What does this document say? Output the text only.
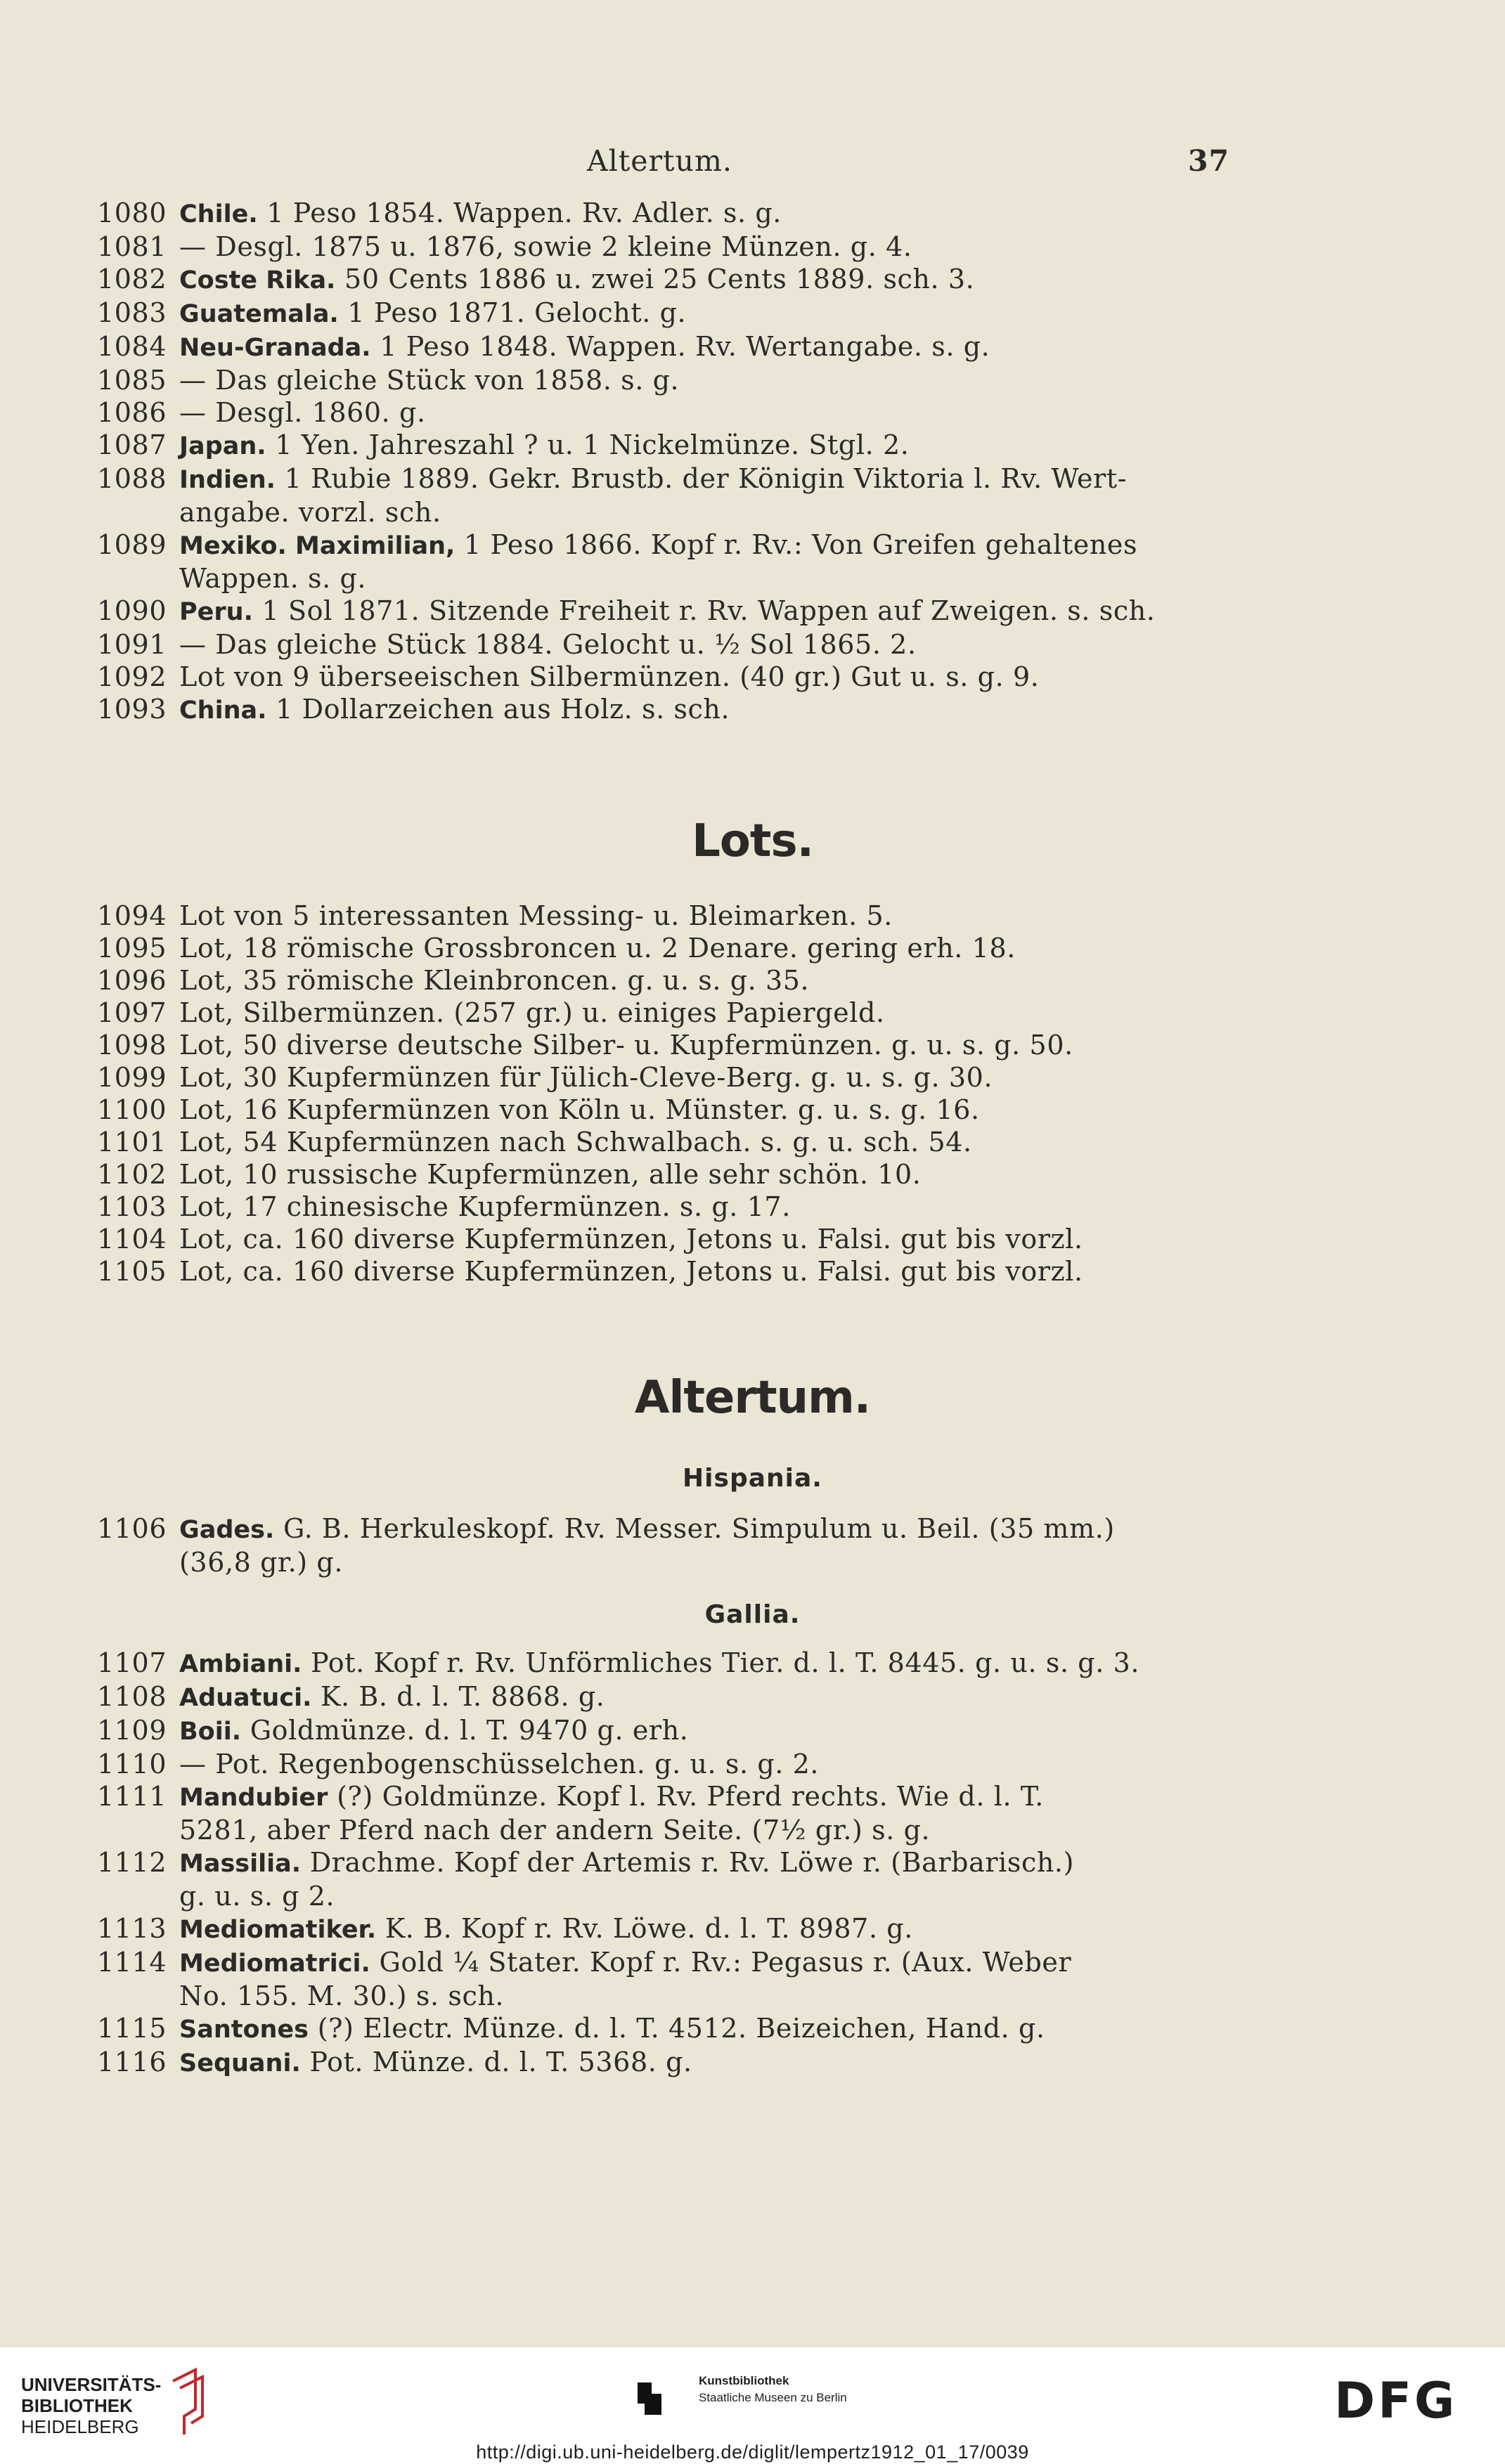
Altertum.	37
1080 Chile. 1 Peso 1854. Wappen. Rv. Adler. s. g.
1081 — Desgl. 1875 u. 1876, sowie 2 kleine Münzen. g. 4.
1082 Coste Rika. 50 Cents 1886 u. zwei 25 Cents 1889. sch. 3.
1083 Guatemala. 1 Peso 1871. Gelocht. g.
1084 Neu-Granada. 1 Peso 1848. Wappen. Rv. Wertangabe. s. g.
1085 — Das gleiche Stück von 1858. s. g.
1086 — Desgl. 1860. g.
1087 Japan. 1 Yen. Jahreszahl ? u. 1 Nickelmünze. Stgl. 2.
1088 Indien. 1 Rubie 1889. Gekr. Brustb. der Königin Viktoria l. Rv. Wert-
angabe. vorzl. sch.
1089 Mexiko. Maximilian, 1 Peso 1866. Kopf r. Rv.: Von Greifen gehaltenes
Wappen. s. g.
1090 Peru. 1 Sol 1871. Sitzende Freiheit r. Rv. Wappen auf Zweigen. s. sch.
1091 — Das gleiche Stück 1884. Gelocht u. ½ Sol 1865. 2.
1092 Lot von 9 überseeischen Silbermünzen. (40 gr.) Gut u. s. g. 9.
1093 China. 1 Dollarzeichen aus Holz. s. sch.
Lots.
1094 Lot von 5 interessanten Messing- u. Bleimarken. 5.
1095 Lot, 18 römische Grossbroncen u. 2 Denare. gering erh. 18.
1096 Lot, 35 römische Kleinbroncen. g. u. s. g. 35.
1097 Lot, Silbermünzen. (257 gr.) u. einiges Papiergeld.
1098 Lot, 50 diverse deutsche Silber- u. Kupfermünzen. g. u. s. g. 50.
1099 Lot, 30 Kupfermünzen für Jülich-Cleve-Berg. g. u. s. g. 30.
1100 Lot, 16 Kupfermünzen von Köln u. Münster. g. u. s. g. 16.
1101 Lot, 54 Kupfermünzen nach Schwalbach. s. g. u. sch. 54.
1102 Lot, 10 russische Kupfermünzen, alle sehr schön. 10.
1103 Lot, 17 chinesische Kupfermünzen. s. g. 17.
1104 Lot, ca. 160 diverse Kupfermünzen, Jetons u. Falsi. gut bis vorzl.
1105 Lot, ca. 160 diverse Kupfermünzen, Jetons u. Falsi. gut bis vorzl.
Altertum.
Hispania.
1106 Gades. G. B. Herkuleskopf. Rv. Messer. Simpulum u. Beil. (35 mm.)
(36,8 gr.) g.
Gallia.
1107 Ambiani. Pot. Kopf r. Rv. Unförmliches Tier. d. l. T. 8445. g. u. s. g. 3.
1108 Aduatuci. K. B. d. l. T. 8868. g.
1109 Boii. Goldmünze. d. l. T. 9470 g. erh.
1110 — Pot. Regenbogenschüsselchen. g. u. s. g. 2.
1111 Mandubier (?) Goldmünze. Kopf l. Rv. Pferd rechts. Wie d. l. T.
5281, aber Pferd nach der andern Seite. (7½ gr.) s. g.
1112 Massilia. Drachme. Kopf der Artemis r. Rv. Löwe r. (Barbarisch.)
g. u. s. g 2.
1113 Mediomatiker. K. B. Kopf r. Rv. Löwe. d. l. T. 8987. g.
1114 Mediomatrici. Gold ¼ Stater. Kopf r. Rv.: Pegasus r. (Aux. Weber
No. 155. M. 30.) s. sch.
1115 Santones (?) Electr. Münze. d. l. T. 4512. Beizeichen, Hand. g.
1116 Sequani. Pot. Münze. d. l. T. 5368. g.
UNIVERSITÄTS-
BIBLIOTHEK
HEIDELBERG
Kunstbibliothek
Staatliche Museen zu Berlin	DFG
http://digi.ub.uni-heidelberg.de/diglit/lempertz1912_01_17/0039
